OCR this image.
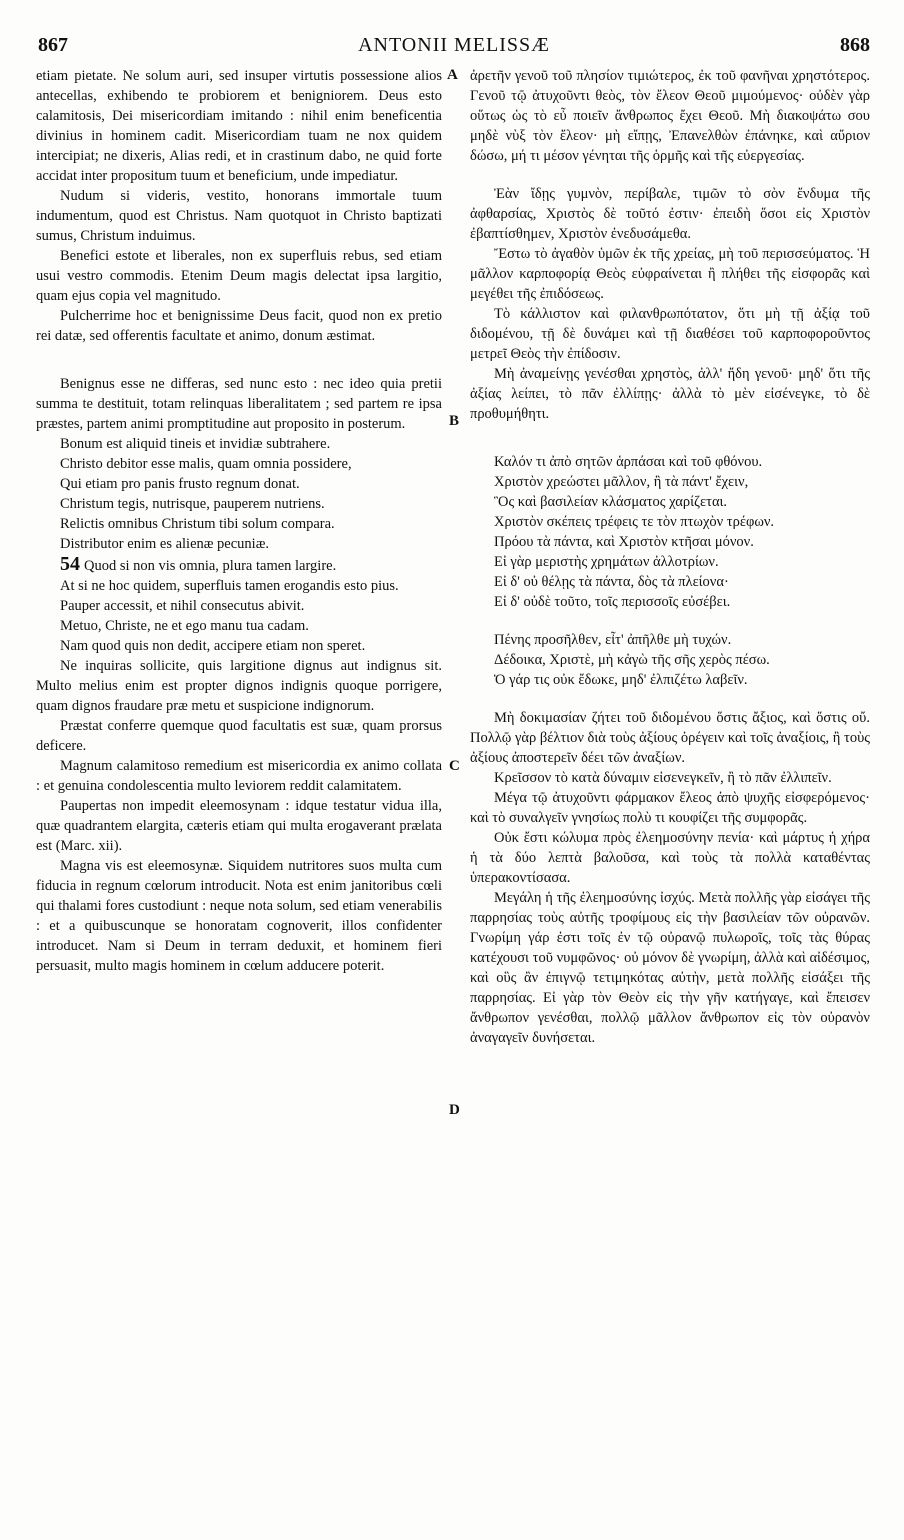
867	ANTONII MELISSÆ	868
A
B
C
D

etiam pietate. Ne solum auri, sed insuper virtutis possessione alios antecellas, exhibendo te probiorem et benigniorem. Deus esto calamitosis, Dei misericordiam imitando : nihil enim beneficentia divinius in hominem cadit. Misericordiam tuam ne nox quidem intercipiat; ne dixeris, Alias redi, et in crastinum dabo, ne quid forte accidat inter propositum tuum et beneficium, unde impediatur.

Nudum si videris, vestito, honorans immortale tuum indumentum, quod est Christus. Nam quotquot in Christo baptizati sumus, Christum induimus.

Benefici estote et liberales, non ex superfluis rebus, sed etiam usui vestro commodis. Etenim Deum magis delectat ipsa largitio, quam ejus copia vel magnitudo.

Pulcherrime hoc et benignissime Deus facit, quod non ex pretio rei datæ, sed offerentis facultate et animo, donum æstimat.

Benignus esse ne differas, sed nunc esto : nec ideo quia pretii summa te destituit, totam relinquas liberalitatem ; sed partem re ipsa præstes, partem animi promptitudine aut proposito in posterum.

Bonum est aliquid tineis et invidiæ subtrahere.

Christo debitor esse malis, quam omnia possidere,

Qui etiam pro panis frusto regnum donat.

Christum tegis, nutrisque, pauperem nutriens.

Relictis omnibus Christum tibi solum compara.

Distributor enim es alienæ pecuniæ.

54 Quod si non vis omnia, plura tamen largire.

At si ne hoc quidem, superfluis tamen erogandis esto pius.

Pauper accessit, et nihil consecutus abivit.

Metuo, Christe, ne et ego manu tua cadam.

Nam quod quis non dedit, accipere etiam non speret.

Ne inquiras sollicite, quis largitione dignus aut indignus sit. Multo melius enim est propter dignos indignis quoque porrigere, quam dignos fraudare præ metu et suspicione indignorum.

Præstat conferre quemque quod facultatis est suæ, quam prorsus deficere.

Magnum calamitoso remedium est misericordia ex animo collata : et genuina condolescentia multo leviorem reddit calamitatem.

Paupertas non impedit eleemosynam : idque testatur vidua illa, quæ quadrantem elargita, cæteris etiam qui multa erogaverant prælata est (Marc. xii).

Magna vis est eleemosynæ. Siquidem nutritores suos multa cum fiducia in regnum cœlorum introducit. Nota est enim janitoribus cœli qui thalami fores custodiunt : neque nota solum, sed etiam venerabilis : et a quibuscunque se honoratam cognoverit, illos confidenter introducet. Nam si Deum in terram deduxit, et hominem fieri persuasit, multo magis hominem in cœlum adducere poterit.

ἀρετῆν γενοῦ τοῦ πλησίον τιμιώτερος, ἐκ τοῦ φανῆναι χρηστότερος. Γενοῦ τῷ ἀτυχοῦντι θεὸς, τὸν ἔλεον Θεοῦ μιμούμενος· οὐδὲν γὰρ οὕτως ὡς τὸ εὖ ποιεῖν ἄνθρωπος ἔχει Θεοῦ. Μὴ διακοψάτω σου μηδὲ νὺξ τὸν ἔλεον· μὴ εἴπῃς, Ἐπανελθὼν ἐπάνηκε, καὶ αὔριον δώσω, μή τι μέσον γένηται τῆς ὁρμῆς καὶ τῆς εὐεργεσίας.

Ἐὰν ἴδῃς γυμνὸν, περίβαλε, τιμῶν τὸ σὸν ἔνδυμα τῆς ἀφθαρσίας, Χριστὸς δὲ τοῦτό ἐστιν· ἐπειδὴ ὅσοι εἰς Χριστὸν ἐβαπτίσθημεν, Χριστὸν ἐνεδυσάμεθα.

Ἔστω τὸ ἀγαθὸν ὑμῶν ἐκ τῆς χρείας, μὴ τοῦ περισσεύματος. Ἡ μᾶλλον καρποφορίᾳ Θεὸς εὐφραίνεται ἢ πλήθει τῆς εἰσφορᾶς καὶ μεγέθει τῆς ἐπιδόσεως.

Τὸ κάλλιστον καὶ φιλανθρωπότατον, ὅτι μὴ τῇ ἀξίᾳ τοῦ διδομένου, τῇ δὲ δυνάμει καὶ τῇ διαθέσει τοῦ καρποφοροῦντος μετρεῖ Θεὸς τὴν ἐπίδοσιν.

Μὴ ἀναμείνῃς γενέσθαι χρηστὸς, ἀλλ' ἤδη γενοῦ· μηδ' ὅτι τῆς ἀξίας λείπει, τὸ πᾶν ἐλλίπῃς· ἀλλὰ τὸ μὲν εἰσένεγκε, τὸ δὲ προθυμήθητι.

Καλόν τι ἀπὸ σητῶν ἁρπάσαι καὶ τοῦ φθόνου.

Χριστὸν χρεώστει μᾶλλον, ἢ τὰ πάντ' ἔχειν,

Ὃς καὶ βασιλείαν κλάσματος χαρίζεται.

Χριστὸν σκέπεις τρέφεις τε τὸν πτωχὸν τρέφων.

Πρόου τὰ πάντα, καὶ Χριστὸν κτῆσαι μόνον.

Εἰ γὰρ μεριστὴς χρημάτων ἀλλοτρίων.

Εἰ δ' οὐ θέλῃς τὰ πάντα, δὸς τὰ πλείονα·

Εἰ δ' οὐδὲ τοῦτο, τοῖς περισσοῖς εὐσέβει.

Πένης προσῆλθεν, εἶτ' ἀπῆλθε μὴ τυχών.

Δέδοικα, Χριστὲ, μὴ κἀγὼ τῆς σῆς χερὸς πέσω.

Ὁ γάρ τις οὐκ ἔδωκε, μηδ' ἐλπιζέτω λαβεῖν.

Μὴ δοκιμασίαν ζήτει τοῦ διδομένου ὅστις ἄξιος, καὶ ὅστις οὔ. Πολλῷ γὰρ βέλτιον διὰ τοὺς ἀξίους ὀρέγειν καὶ τοῖς ἀναξίοις, ἢ τοὺς ἀξίους ἀποστερεῖν δέει τῶν ἀναξίων.

Κρεῖσσον τὸ κατὰ δύναμιν εἰσενεγκεῖν, ἢ τὸ πᾶν ἐλλιπεῖν.

Μέγα τῷ ἀτυχοῦντι φάρμακον ἔλεος ἀπὸ ψυχῆς εἰσφερόμενος· καὶ τὸ συναλγεῖν γνησίως πολὺ τι κουφίζει τῆς συμφορᾶς.

Οὐκ ἔστι κώλυμα πρὸς ἐλεημοσύνην πενία· καὶ μάρτυς ἡ χήρα ἡ τὰ δύο λεπτὰ βαλοῦσα, καὶ τοὺς τὰ πολλὰ καταθέντας ὑπερακοντίσασα.

Μεγάλη ἡ τῆς ἐλεημοσύνης ἰσχύς. Μετὰ πολλῆς γὰρ εἰσάγει τῆς παρρησίας τοὺς αὐτῆς τροφίμους εἰς τὴν βασιλείαν τῶν οὐρανῶν. Γνωρίμη γάρ ἐστι τοῖς ἐν τῷ οὐρανῷ πυλωροῖς, τοῖς τὰς θύρας κατέχουσι τοῦ νυμφῶνος· οὐ μόνον δὲ γνωρίμη, ἀλλὰ καὶ αἰδέσιμος, καὶ οὓς ἂν ἐπιγνῷ τετιμηκότας αὐτὴν, μετὰ πολλῆς εἰσάξει τῆς παρρησίας. Εἰ γὰρ τὸν Θεὸν εἰς τὴν γῆν κατήγαγε, καὶ ἔπεισεν ἄνθρωπον γενέσθαι, πολλῷ μᾶλλον ἄνθρωπον εἰς τὸν οὐρανὸν ἀναγαγεῖν δυνήσεται.
